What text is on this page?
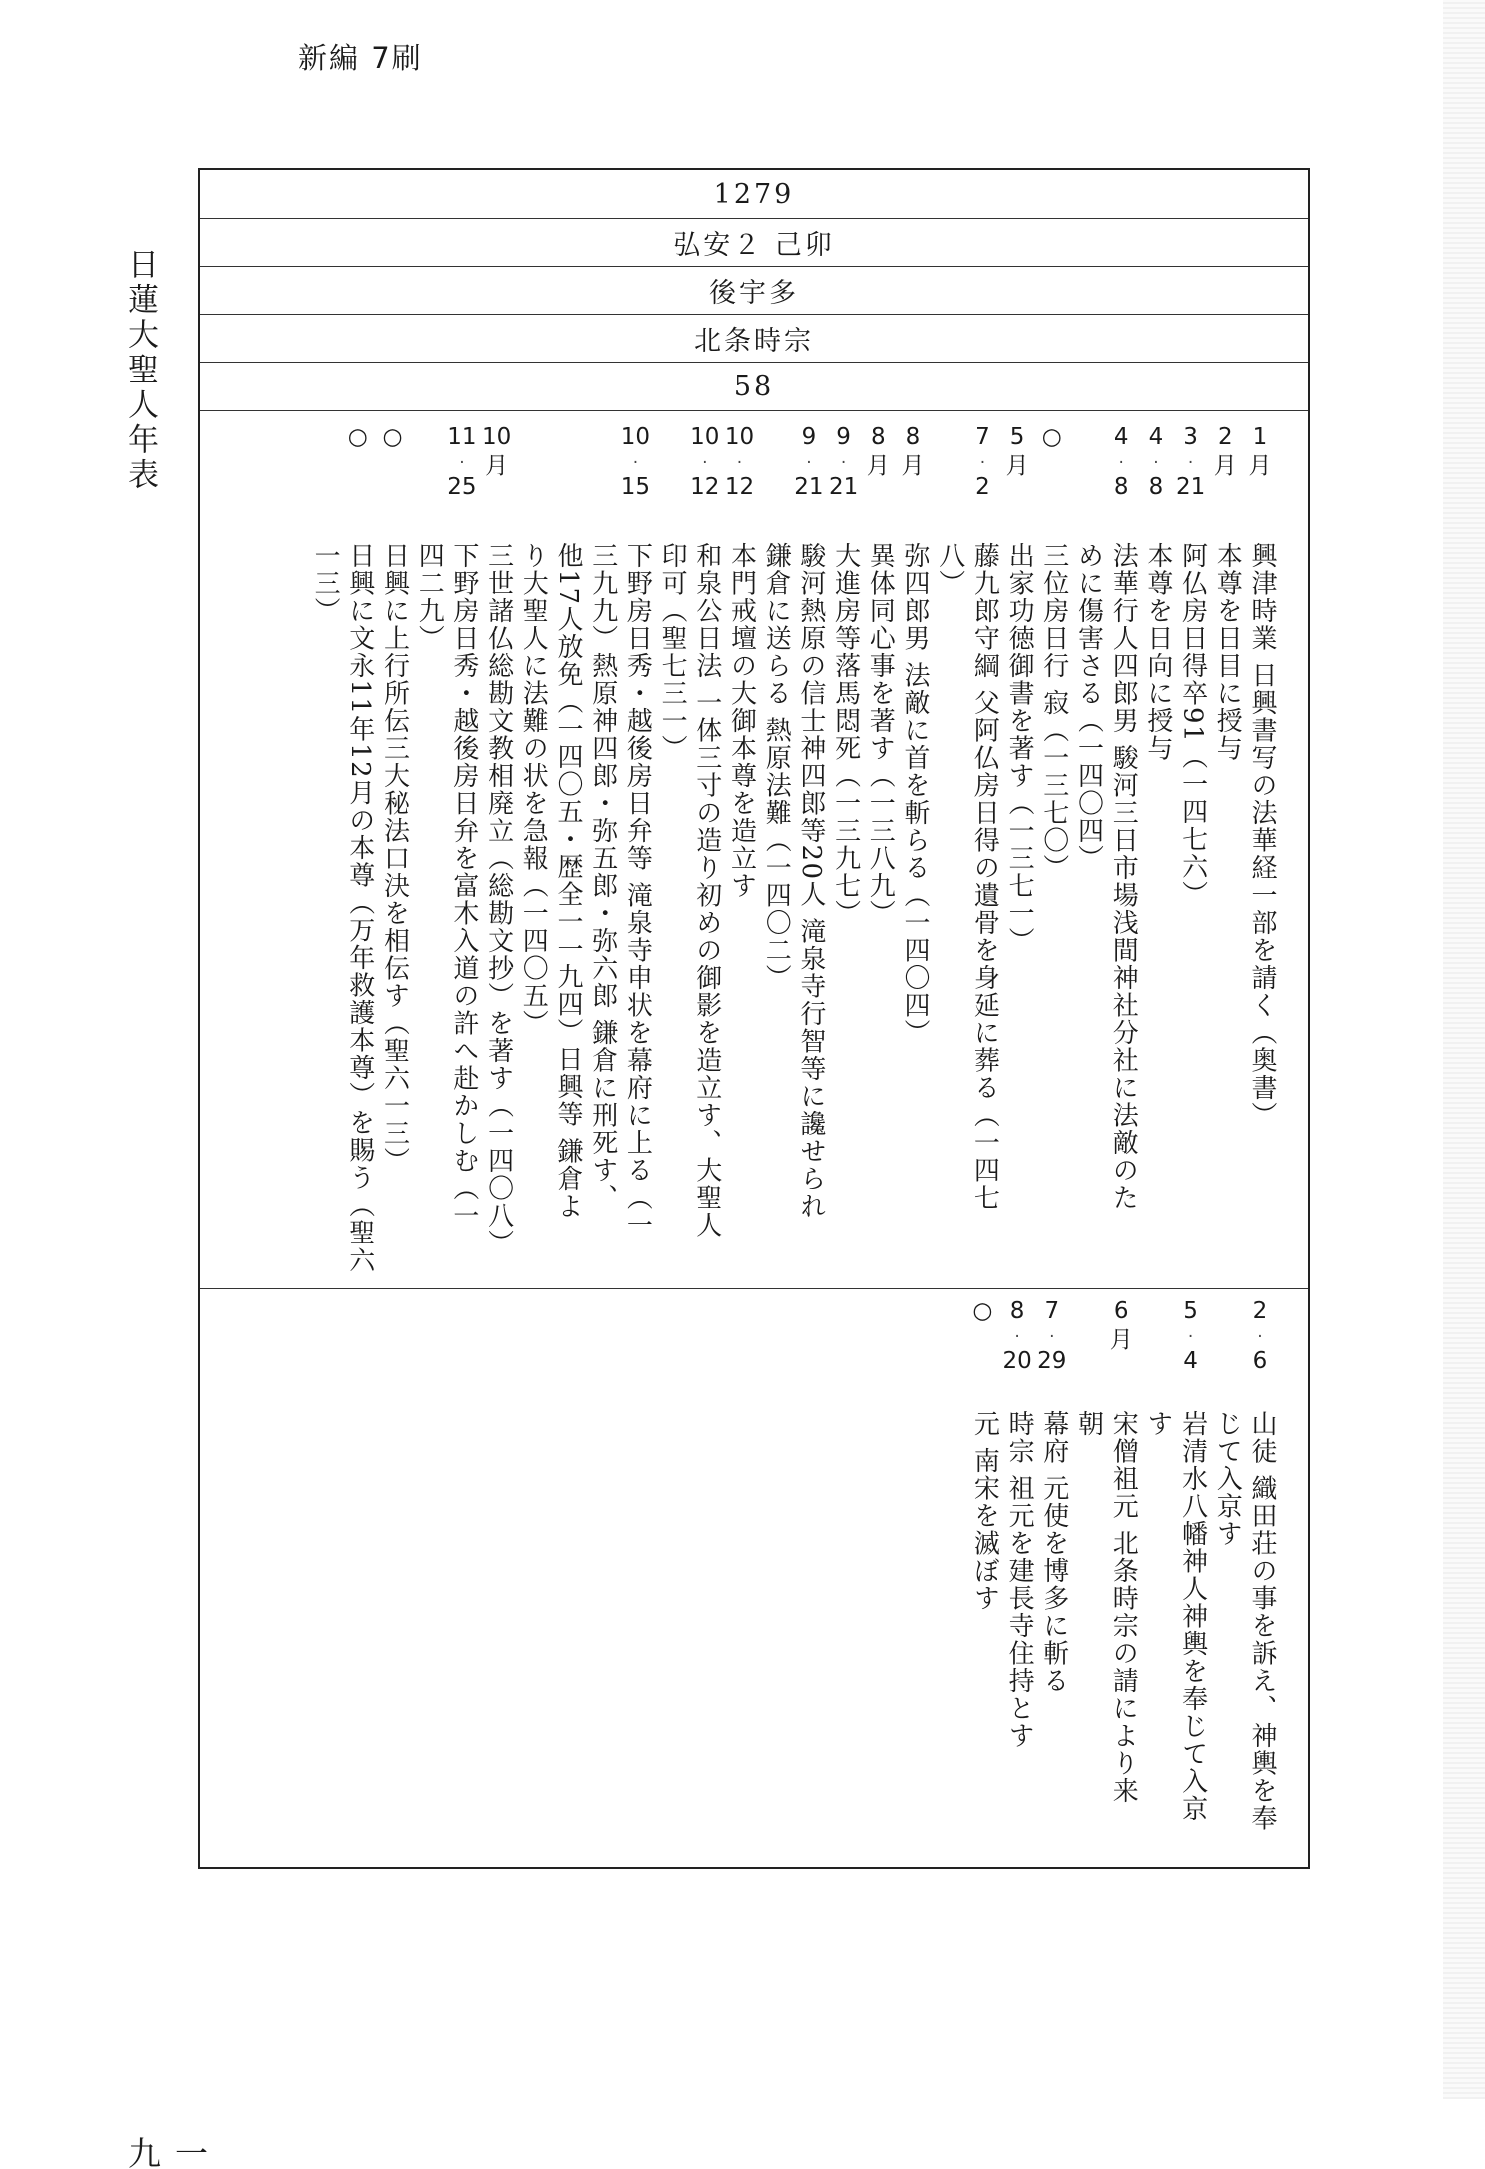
新編 7刷
日蓮大聖人年表
一九
1279
弘安２ 己卯
後宇多
北条時宗
58
1
月
興津時業 日興書写の法華経一部を請く（奥書）
2
月
本尊を日目に授与
3
·
21
阿仏房日得卒91（一四七六）
4
·
8
本尊を日向に授与
4
·
8
法華行人四郎男 駿河三日市場浅間神社分社に法敵のた
めに傷害さる（一四〇四）
○
三位房日行 寂（一三七〇）
5
月
出家功徳御書を著す（一三七一）
7
·
2
藤九郎守綱 父阿仏房日得の遺骨を身延に葬る（一四七
八）
8
月
弥四郎男 法敵に首を斬らる（一四〇四）
8
月
異体同心事を著す（一三八九）
9
·
21
大進房等落馬悶死（一三九七）
9
·
21
駿河熱原の信士神四郎等20人 滝泉寺行智等に讒せられ
鎌倉に送らる 熱原法難（一四〇二）
10
·
12
本門戒壇の大御本尊を造立す
10
·
12
和泉公日法 一体三寸の造り初めの御影を造立す、大聖人
印可（聖七三一）
10
·
15
下野房日秀・越後房日弁等 滝泉寺申状を幕府に上る（一
三九九）熱原神四郎・弥五郎・弥六郎 鎌倉に刑死す、
他17人放免（一四〇五・歴全一一九四）日興等 鎌倉よ
り大聖人に法難の状を急報（一四〇五）
10
月
三世諸仏総勘文教相廃立（総勘文抄）を著す（一四〇八）
11
·
25
下野房日秀・越後房日弁を富木入道の許へ赴かしむ（一
四二九）
○
日興に上行所伝三大秘法口決を相伝す（聖六一三）
○
日興に文永11年12月の本尊（万年救護本尊）を賜う（聖六
一三）
2
·
6
山徒 織田荘の事を訴え、神輿を奉
じて入京す
5
·
4
岩清水八幡神人神輿を奉じて入京
す
6
月
宋僧祖元 北条時宗の請により来
朝
7
·
29
幕府 元使を博多に斬る
8
·
20
時宗 祖元を建長寺住持とす
○
元 南宋を滅ぼす
